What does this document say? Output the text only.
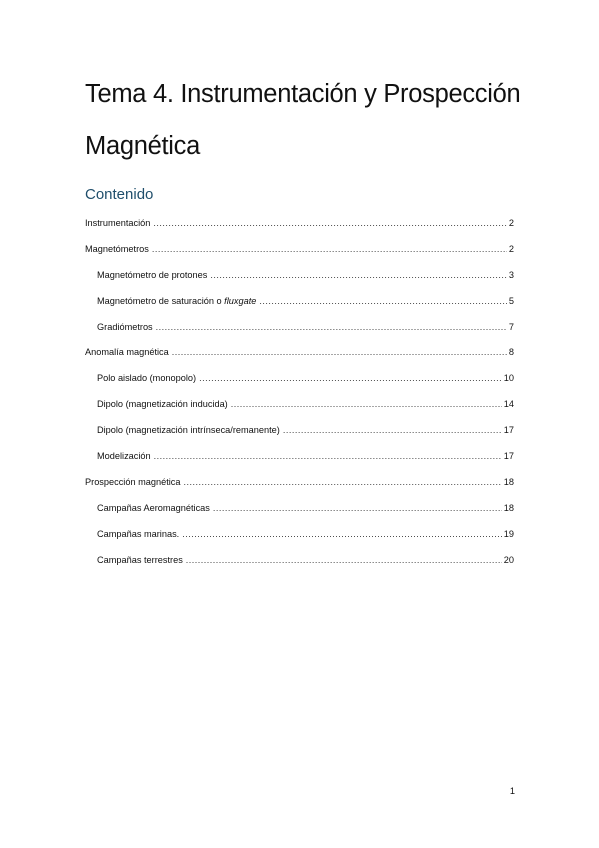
Tema 4. Instrumentación y Prospección Magnética
Contenido
Instrumentación .....	2
Magnetómetros .....	2
Magnetómetro de protones .....	3
Magnetómetro de saturación o fluxgate .....	5
Gradiómetros .....	7
Anomalía magnética .....	8
Polo aislado (monopolo) .....	10
Dipolo (magnetización inducida) .....	14
Dipolo (magnetización intrínseca/remanente) .....	17
Modelización .....	17
Prospección magnética .....	18
Campañas Aeromagnéticas .....	18
Campañas marinas. .....	19
Campañas terrestres .....	20
1
